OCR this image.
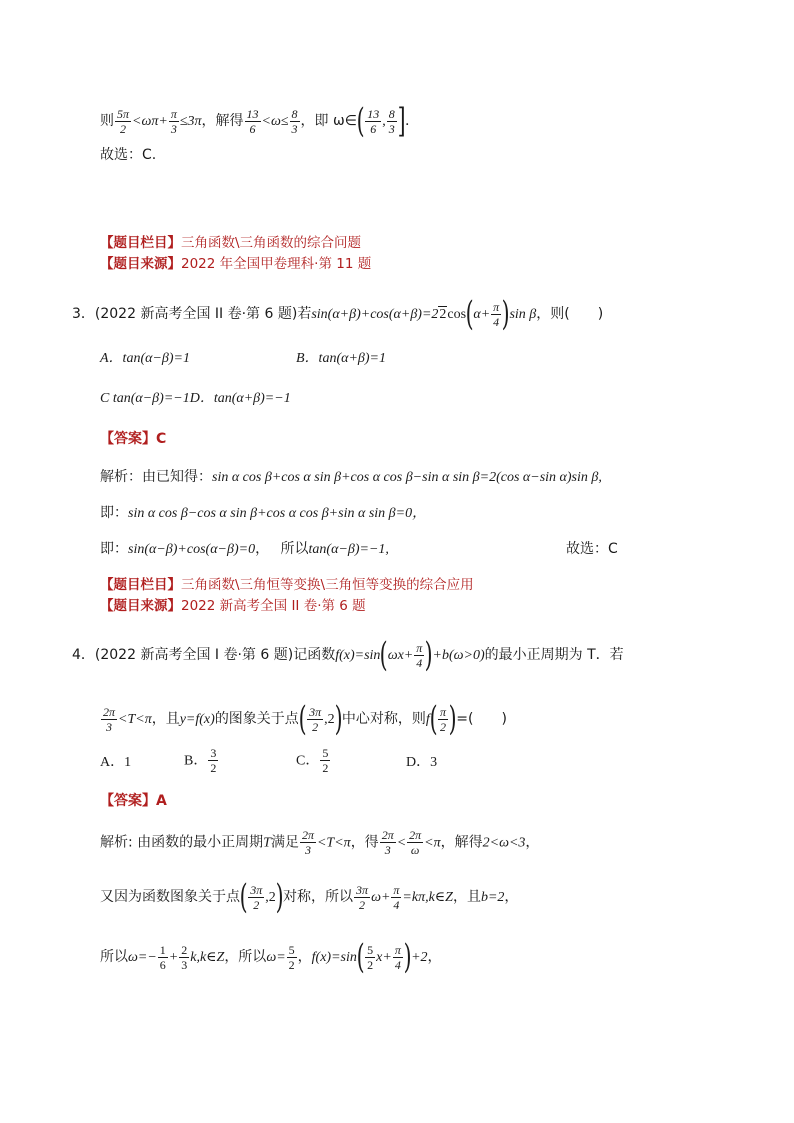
则 $\frac{5\pi}{2} <\omega\pi+ \frac{\pi}{3} \le 3\pi$，解得 $\frac{13}{6} <\omega\le \frac{8}{3}$ ，即 ω∈( $\frac{13}{6}$ , $\frac{8}{3}$ ].
故选：C.
【题目栏目】三角函数\三角函数的综合问题
【题目来源】2022 年全国甲卷理科·第 11 题
3．(2022 新高考全国 II 卷·第 6 题)若$\sin(\alpha+\beta)+\cos(\alpha+\beta)=22\cos(\alpha+ \frac{\pi}{4} )\sin$ β，则(　　)
A．tan(α−β)=1	B．tan(α+β)=1
C tan(α−β)=−1D．tan(α+β)=−1
【答案】C
解析：由已知得：sin α cos β+cos α sin β+cos α cos β−sin α sin β=2(cos α−sin α)sin β,
即：sin α cos β−cos α sin β+cos α cos β+sin α sin β=0，
即：sin(α−β)+cos(α−β)=0，　 所以tan(α−β)=−1,	故选：C
【题目栏目】三角函数\三角恒等变换\三角恒等变换的综合应用
【题目来源】2022 新高考全国 II 卷·第 6 题
4．(2022 新高考全国 I 卷·第 6 题)记函数$f(x)=\sin(\omega x+ \frac{\pi}{4} )+b(\omega>0)$的最小正周期为 T．若
$\frac{2\pi}{3} <T<\pi$，且y=f(x)的图象关于点( $\frac{3\pi}{2} ,2$)中心对称，则$f( \frac{\pi}{2}$ )=(　　)
A．1	B． $\frac{3}{2}$	C． $\frac{5}{2}$	D．3
【答案】A
解析: 由函数的最小正周期T满足 $\frac{2\pi}{3} <T<\pi$，得 $\frac{2\pi}{3} < \frac{2\pi}{\omega} <\pi$，解得2<ω<3，
又因为函数图象关于点( $\frac{3\pi}{2} ,2$)对称，所以 $\frac{3\pi}{2} \omega+ \frac{\pi}{4}$ =kπ,k∈Z，且b=2，
所以$\omega=- \frac{1}{6} + \frac{2}{3}$ k,k∈Z，所以$\omega= \frac{5}{2}$ ，$f(x)=\sin( \frac{5}{2} x+ \frac{\pi}{4} )+2$，
